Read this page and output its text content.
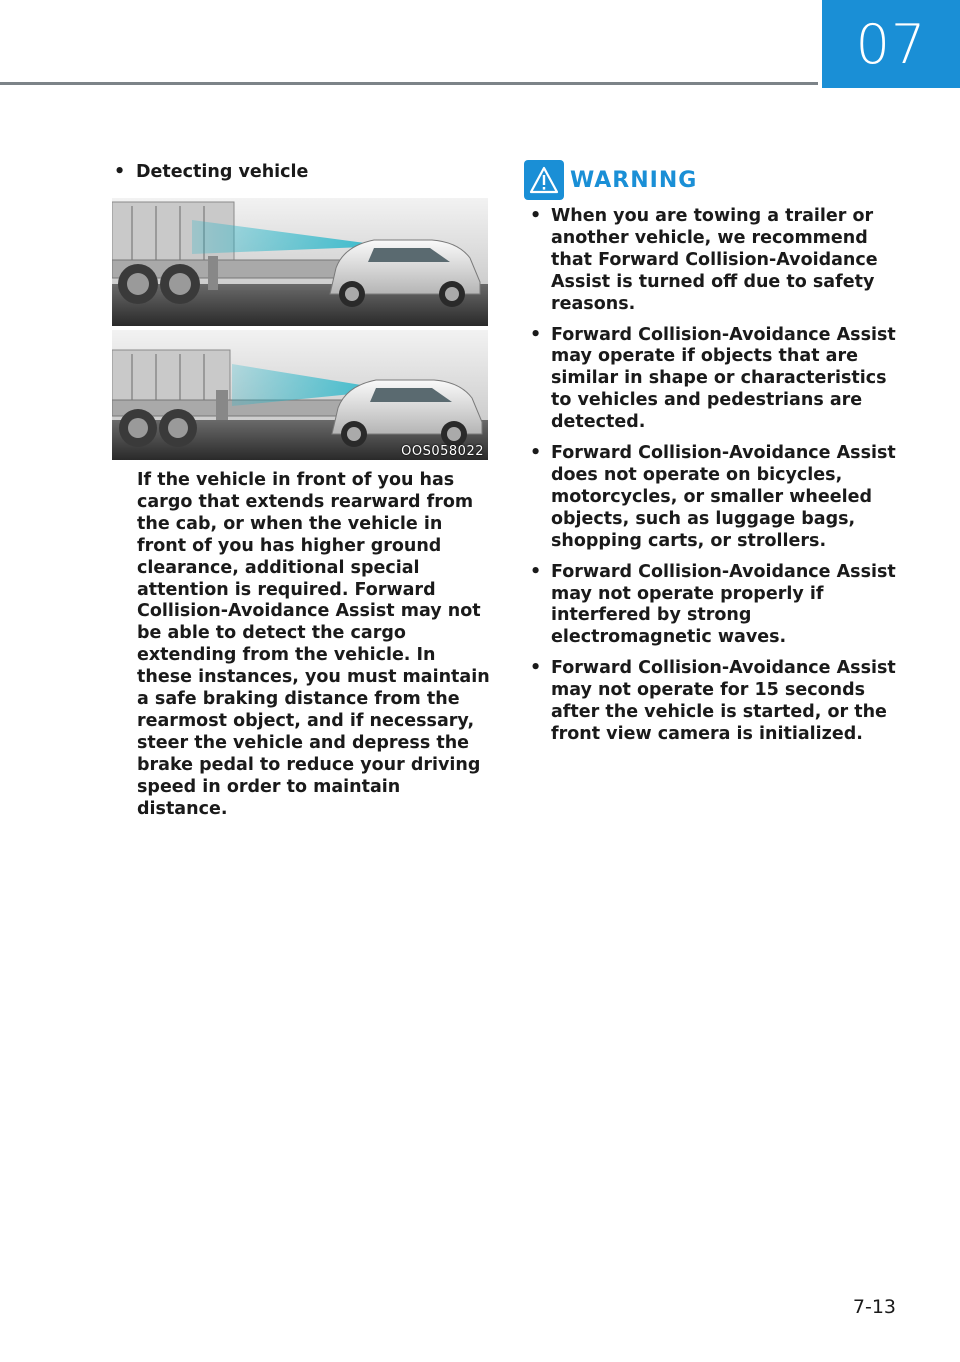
07
• Detecting vehicle
OOS058022

If the vehicle in front of you has cargo that extends rearward from the cab, or when the vehicle in front of you has higher ground clearance, additional special attention is required. Forward Collision-Avoidance Assist may not be able to detect the cargo extending from the vehicle. In these instances, you must maintain a safe braking distance from the rearmost object, and if necessary, steer the vehicle and depress the brake pedal to reduce your driving speed in order to maintain distance.

WARNING
• When you are towing a trailer or another vehicle, we recommend that Forward Collision-Avoidance Assist is turned off due to safety reasons.
• Forward Collision-Avoidance Assist may operate if objects that are similar in shape or characteristics to vehicles and pedestrians are detected.
• Forward Collision-Avoidance Assist does not operate on bicycles, motorcycles, or smaller wheeled objects, such as luggage bags, shopping carts, or strollers.
• Forward Collision-Avoidance Assist may not operate properly if interfered by strong electromagnetic waves.
• Forward Collision-Avoidance Assist may not operate for 15 seconds after the vehicle is started, or the front view camera is initialized.
7-13
